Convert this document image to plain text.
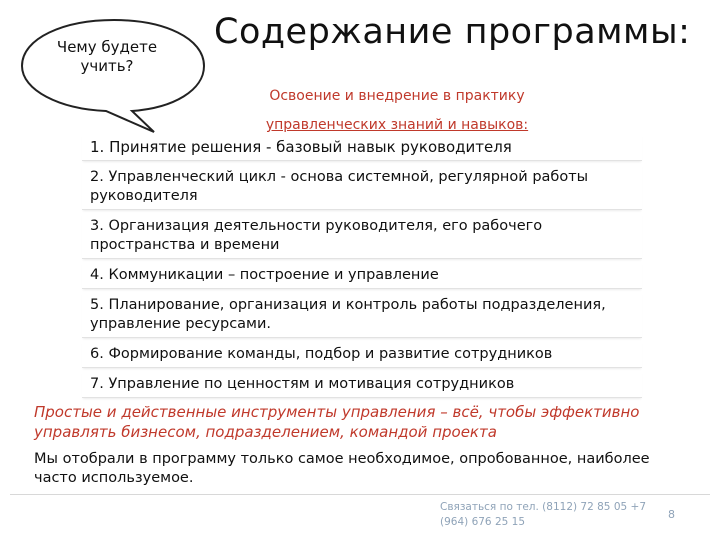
Чему будете учить?
Содержание программы:
Освоение и внедрение в практику
управленческих знаний и навыков:
1. Принятие решения - базовый навык руководителя
2. Управленческий цикл - основа системной, регулярной работы руководителя
3. Организация деятельности руководителя, его рабочего пространства и времени
4. Коммуникации – построение и управление
5. Планирование, организация и контроль работы подразделения, управление ресурсами.
6. Формирование команды, подбор и развитие сотрудников
7. Управление по ценностям и мотивация сотрудников
Простые и действенные инструменты управления – всё, чтобы эффективно управлять бизнесом, подразделением, командой проекта
Мы отобрали в программу только самое необходимое, опробованное, наиболее часто используемое.
Связаться по тел. (8112) 72 85 05 +7 (964) 676 25 15
8
